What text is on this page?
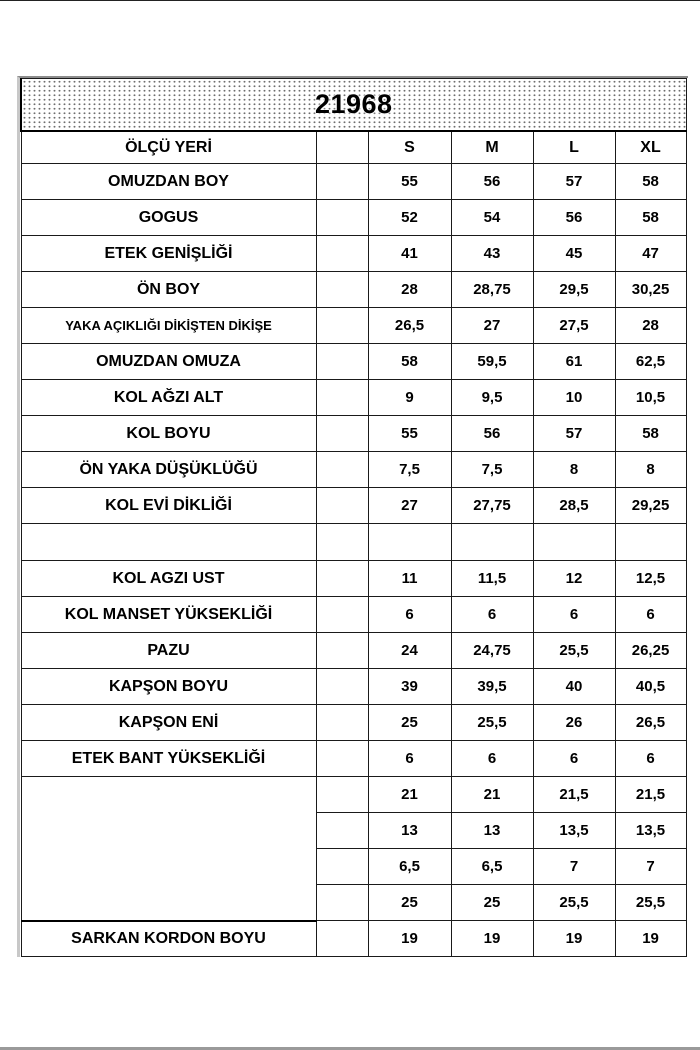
21968					
ÖLÇÜ YERİ		S	M	L	XL
OMUZDAN BOY		55	56	57	58
GOGUS		52	54	56	58
ETEK GENİŞLİĞİ		41	43	45	47
ÖN BOY		28	28,75	29,5	30,25
YAKA AÇIKLIĞI DİKİŞTEN DİKİŞE		26,5	27	27,5	28
OMUZDAN OMUZA		58	59,5	61	62,5
KOL AĞZI ALT		9	9,5	10	10,5
KOL BOYU		55	56	57	58
ÖN YAKA DÜŞÜKLÜĞÜ		7,5	7,5	8	8
KOL EVİ DİKLİĞİ		27	27,75	28,5	29,25

KOL AGZI UST		11	11,5	12	12,5
KOL MANSET YÜKSEKLİĞİ		6	6	6	6
PAZU		24	24,75	25,5	26,25
KAPŞON BOYU		39	39,5	40	40,5
KAPŞON ENİ		25	25,5	26	26,5
ETEK BANT YÜKSEKLİĞİ		6	6	6	6
		21	21	21,5	21,5
		13	13	13,5	13,5
		6,5	6,5	7	7
		25	25	25,5	25,5
SARKAN KORDON BOYU		19	19	19	19
